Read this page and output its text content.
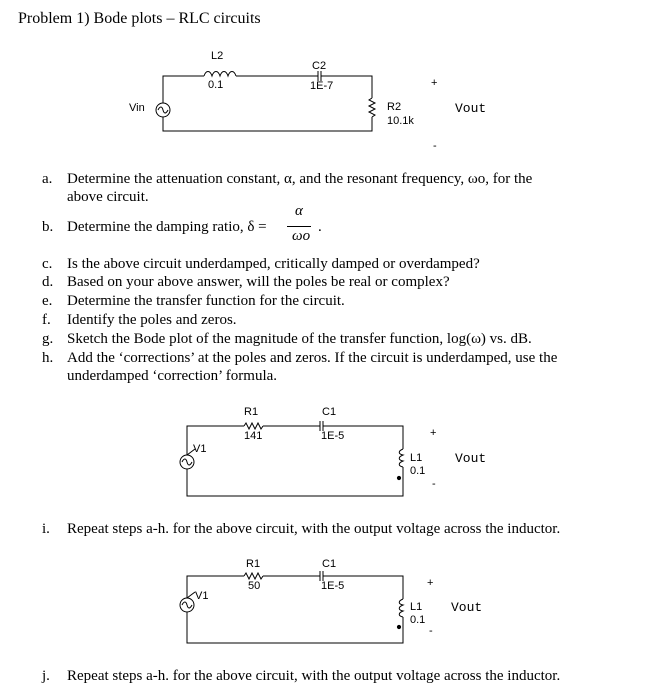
Problem 1) Bode plots – RLC circuits
L2
0.1
C2
1E-7
Vin	R2
10.1k
+
Vout
-
a. Determine the attenuation constant, α, and the resonant frequency, ωo, for the
above circuit.
b. Determine the damping ratio, δ =
α
ωo
.
c. Is the above circuit underdamped, critically damped or overdamped?
d. Based on your above answer, will the poles be real or complex?
e. Determine the transfer function for the circuit.
f. Identify the poles and zeros.
g. Sketch the Bode plot of the magnitude of the transfer function, log(ω) vs. dB.
h. Add the ‘corrections’ at the poles and zeros. If the circuit is underdamped, use the
underdamped ‘correction’ formula.
R1
141
C1
1E-5
V1
L1
0.1
+
Vout
-
i. Repeat steps a-h. for the above circuit, with the output voltage across the inductor.
R1
50
C1
1E-5
V1
L1
0.1
+
Vout
-
j. Repeat steps a-h. for the above circuit, with the output voltage across the inductor.
